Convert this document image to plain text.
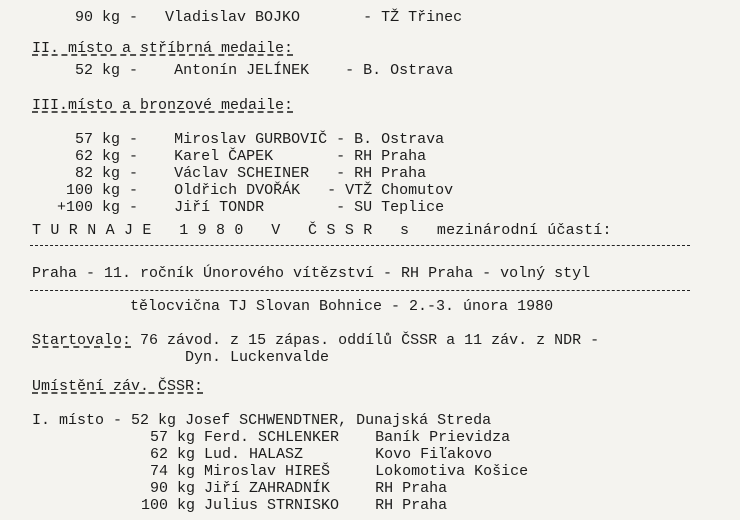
90 kg -   Vladislav BOJKO	- TŽ Třinec
II. místo a stříbrná medaile:
52 kg - Antonín JELÍNEK - B. Ostrava
III.místo a bronzové medaile:
57 kg - Miroslav GURBOVIČ - B. Ostrava
62 kg - Karel ČAPEK	- RH Praha
82 kg - Václav SCHEINER - RH Praha
100 kg - Oldřich DVOŘÁK - VTŽ Chomutov
+100 kg - Jiří TONDR	- SU Teplice
T U R N A J E   1 9 8 0   V   Č S S R   s   mezinárodní účastí:
Praha - 11. ročník Únorového vítězství - RH Praha - volný styl
tělocvična TJ Slovan Bohnice - 2.-3. února 1980
Startovalo: 76 závod. z 15 zápas. oddílů ČSSR a 11 záv. z NDR -
Dyn. Luckenvalde
Umístění záv. ČSSR:
I. místo - 52 kg Josef SCHWENDTNER, Dunajská Streda
57 kg Ferd. SCHLENKER Baník Prievidza
62 kg Lud. HALASZ	Kovo Fiľakovo
74 kg Miroslav HIREŠ	Lokomotiva Košice
90 kg Jiří ZAHRADNÍK	RH Praha
100 kg Julius STRNISKO RH Praha
